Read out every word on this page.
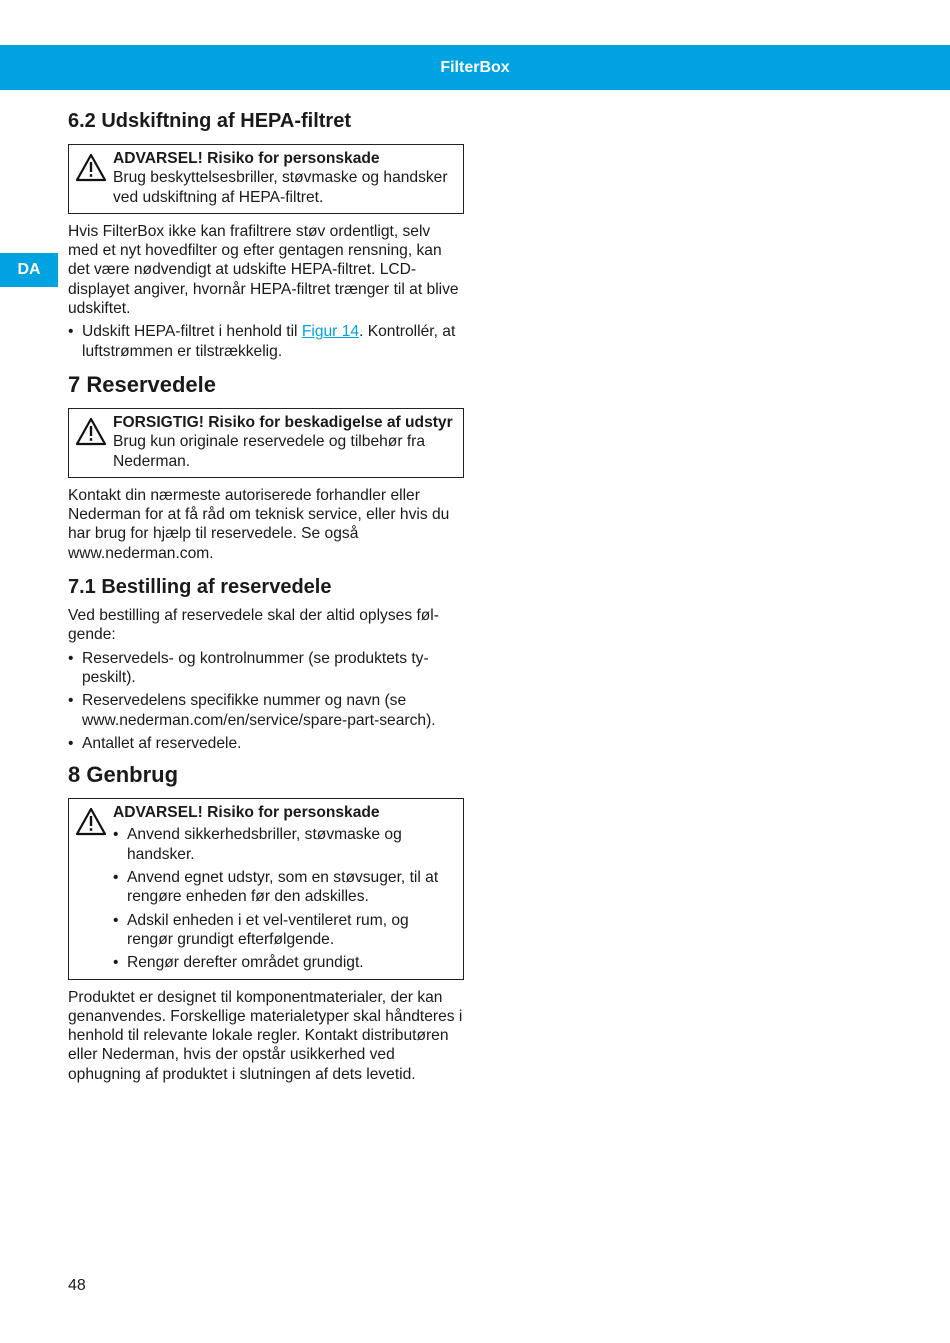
FilterBox
DA
6.2 Udskiftning af HEPA-filtret
ADVARSEL! Risiko for personskade
Brug beskyttelsesbriller, støvmaske og handsker ved udskiftning af HEPA-filtret.

Hvis FilterBox ikke kan frafiltrere støv ordentligt, selv med et nyt hovedfilter og efter gentagen rensning, kan det være nødvendigt at udskifte HEPA-filtret. LCD-displayet angiver, hvornår HEPA-filtret trænger til at blive udskiftet.

• Udskift HEPA-filtret i henhold til Figur 14. Kontrollér, at luftstrømmen er tilstrækkelig.
7 Reservedele
FORSIGTIG! Risiko for beskadigelse af udstyr
Brug kun originale reservedele og tilbehør fra Nederman.

Kontakt din nærmeste autoriserede forhandler eller Nederman for at få råd om teknisk service, eller hvis du har brug for hjælp til reservedele. Se også www.nederman.com.

7.1 Bestilling af reservedele

Ved bestilling af reservedele skal der altid oplyses følgende:

• Reservedels- og kontrolnummer (se produktets typeskilt).
• Reservedelens specifikke nummer og navn (se www.nederman.com/en/service/spare-part-search).
• Antallet af reservedele.
8 Genbrug
ADVARSEL! Risiko for personskade
• Anvend sikkerhedsbriller, støvmaske og handsker.
• Anvend egnet udstyr, som en støvsuger, til at rengøre enheden før den adskilles.
• Adskil enheden i et vel-ventileret rum, og rengør grundigt efterfølgende.
• Rengør derefter området grundigt.

Produktet er designet til komponentmaterialer, der kan genanvendes. Forskellige materialetyper skal håndteres i henhold til relevante lokale regler. Kontakt distributøren eller Nederman, hvis der opstår usikkerhed ved ophugning af produktet i slutningen af dets levetid.

48
